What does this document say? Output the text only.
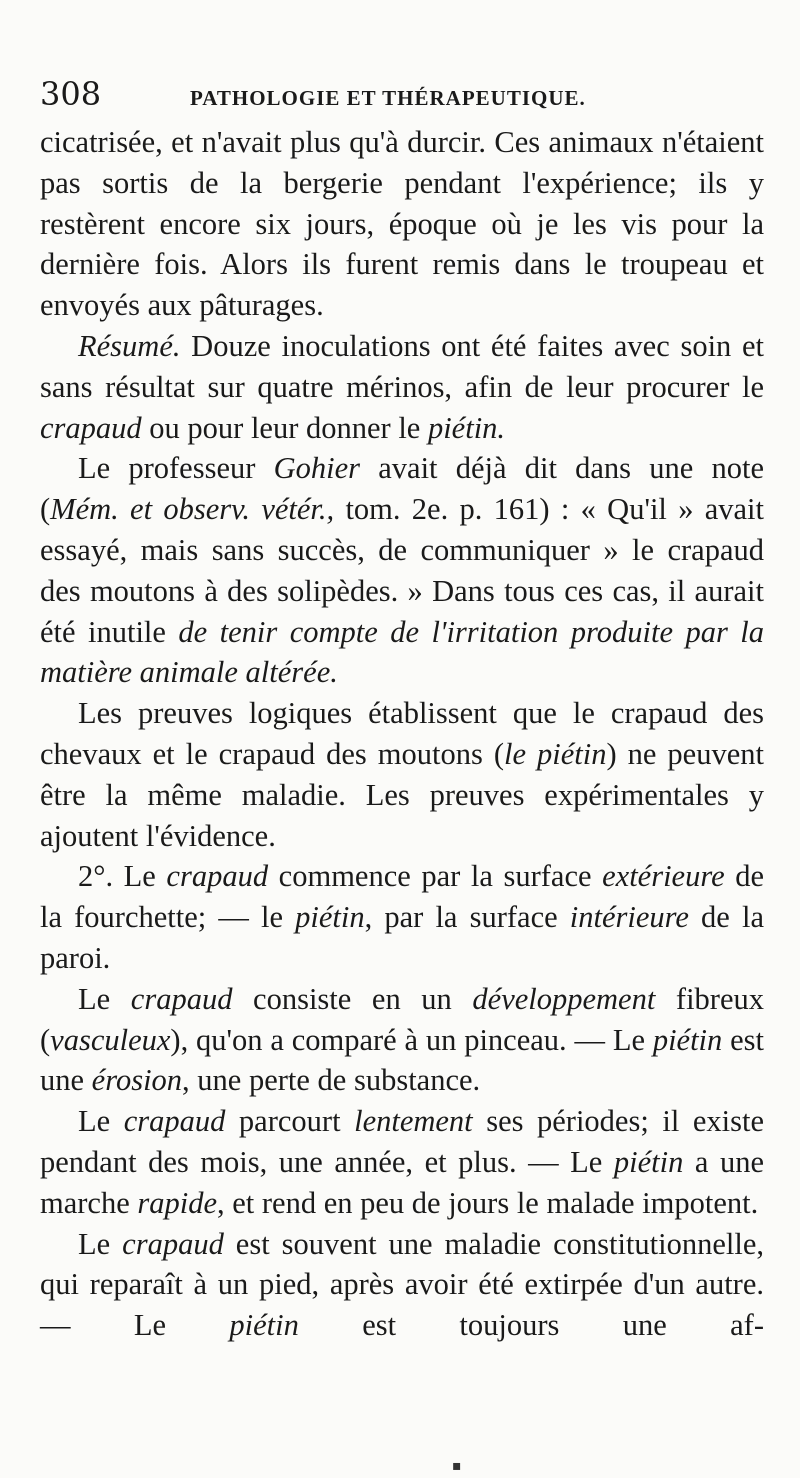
308	PATHOLOGIE ET THÉRAPEUTIQUE.

cicatrisée, et n'avait plus qu'à durcir. Ces animaux n'étaient pas sortis de la bergerie pendant l'expérience; ils y restèrent encore six jours, époque où je les vis pour la dernière fois. Alors ils furent remis dans le troupeau et envoyés aux pâturages.

Résumé. Douze inoculations ont été faites avec soin et sans résultat sur quatre mérinos, afin de leur procurer le crapaud ou pour leur donner le piétin.

Le professeur Gohier avait déjà dit dans une note (Mém. et observ. vétér., tom. 2e. p. 161) : « Qu'il » avait essayé, mais sans succès, de communiquer » le crapaud des moutons à des solipèdes. » Dans tous ces cas, il aurait été inutile de tenir compte de l'irritation produite par la matière animale altérée.

Les preuves logiques établissent que le crapaud des chevaux et le crapaud des moutons (le piétin) ne peuvent être la même maladie. Les preuves expérimentales y ajoutent l'évidence.

2°. Le crapaud commence par la surface extérieure de la fourchette; — le piétin, par la surface intérieure de la paroi.

Le crapaud consiste en un développement fibreux (vasculeux), qu'on a comparé à un pinceau. — Le piétin est une érosion, une perte de substance.

Le crapaud parcourt lentement ses périodes; il existe pendant des mois, une année, et plus. — Le piétin a une marche rapide, et rend en peu de jours le malade impotent.

Le crapaud est souvent une maladie constitutionnelle, qui reparaît à un pied, après avoir été extirpée d'un autre. — Le piétin est toujours une af-

▪
